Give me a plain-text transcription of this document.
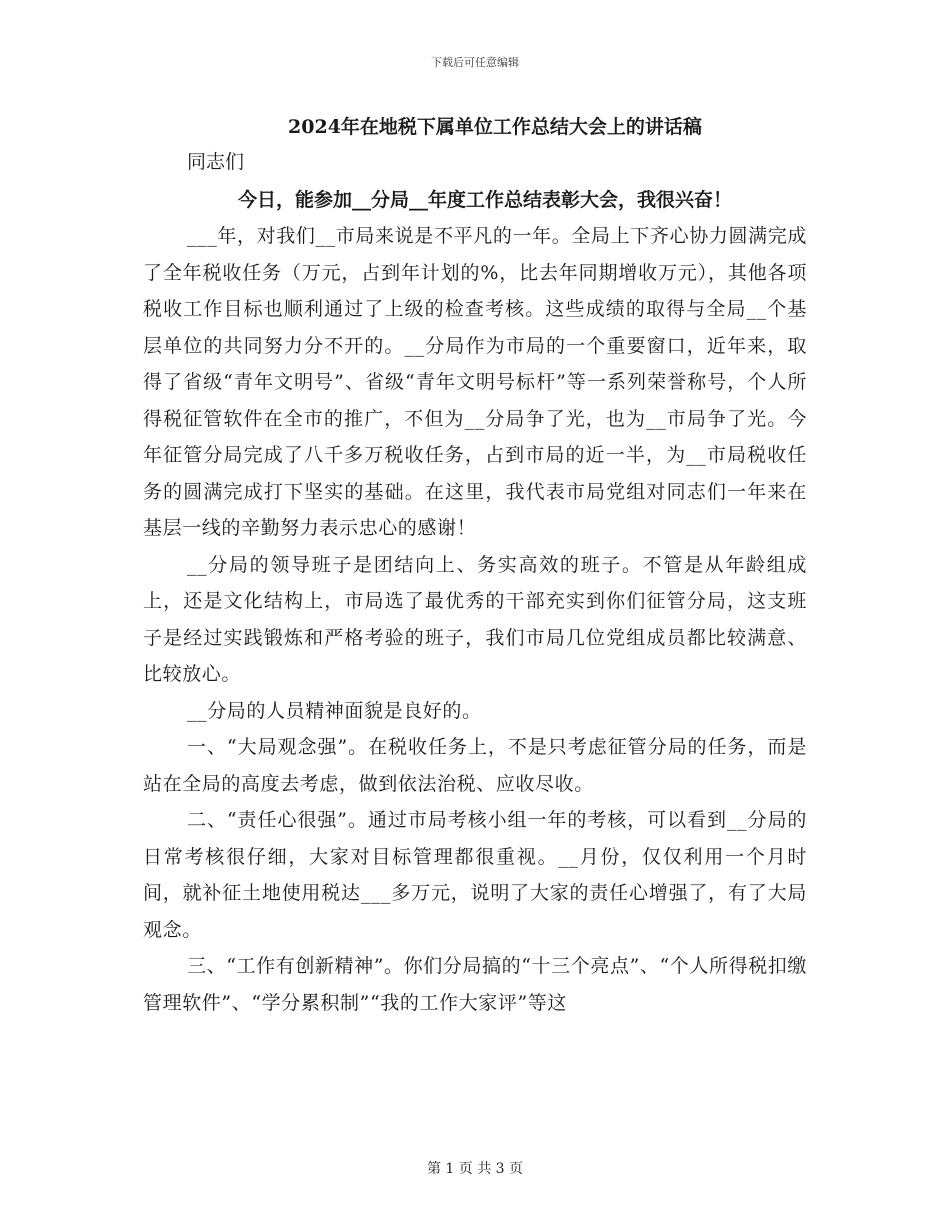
下载后可任意编辑
2024年在地税下属单位工作总结大会上的讲话稿
同志们
今日，能参加__分局__年度工作总结表彰大会，我很兴奋！

___年，对我们__市局来说是不平凡的一年。全局上下齐心协力圆满完成了全年税收任务（万元，占到年计划的%，比去年同期增收万元），其他各项税收工作目标也顺利通过了上级的检查考核。这些成绩的取得与全局__个基层单位的共同努力分不开的。__分局作为市局的一个重要窗口，近年来，取得了省级“青年文明号”、省级“青年文明号标杆”等一系列荣誉称号，个人所得税征管软件在全市的推广，不但为__分局争了光，也为__市局争了光。今年征管分局完成了八千多万税收任务，占到市局的近一半，为__市局税收任务的圆满完成打下坚实的基础。在这里，我代表市局党组对同志们一年来在基层一线的辛勤努力表示忠心的感谢！

__分局的领导班子是团结向上、务实高效的班子。不管是从年龄组成上，还是文化结构上，市局选了最优秀的干部充实到你们征管分局，这支班子是经过实践锻炼和严格考验的班子，我们市局几位党组成员都比较满意、比较放心。

__分局的人员精神面貌是良好的。

一、“大局观念强”。在税收任务上，不是只考虑征管分局的任务，而是站在全局的高度去考虑，做到依法治税、应收尽收。

二、“责任心很强”。通过市局考核小组一年的考核，可以看到__分局的日常考核很仔细，大家对目标管理都很重视。__月份，仅仅利用一个月时间，就补征土地使用税达___多万元，说明了大家的责任心增强了，有了大局观念。

三、“工作有创新精神”。你们分局搞的“十三个亮点”、“个人所得税扣缴管理软件”、“学分累积制”“我的工作大家评”等这

第 1 页 共 3 页
